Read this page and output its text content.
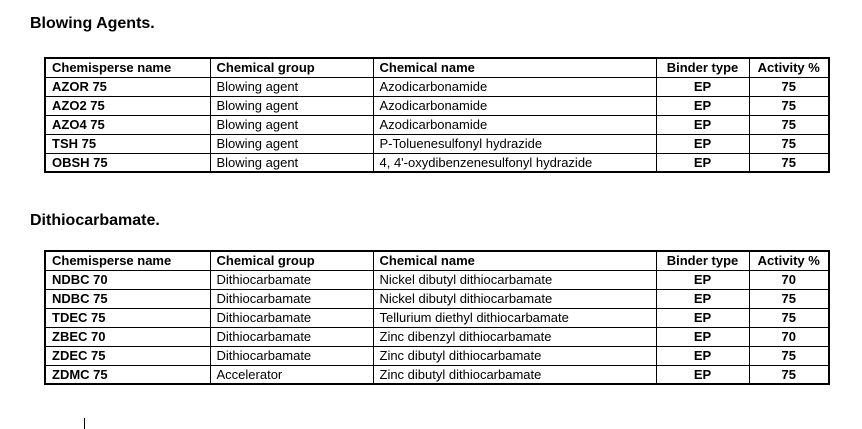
Blowing Agents.
Chemisperse name	Chemical group	Chemical name	Binder type	Activity %
AZOR 75	Blowing agent	Azodicarbonamide	EP	75
AZO2 75	Blowing agent	Azodicarbonamide	EP	75
AZO4 75	Blowing agent	Azodicarbonamide	EP	75
TSH 75	Blowing agent	P-Toluenesulfonyl hydrazide	EP	75
OBSH 75	Blowing agent	4, 4'-oxydibenzenesulfonyl hydrazide	EP	75
Dithiocarbamate.
Chemisperse name	Chemical group	Chemical name	Binder type	Activity %
NDBC 70	Dithiocarbamate	Nickel dibutyl dithiocarbamate	EP	70
NDBC 75	Dithiocarbamate	Nickel dibutyl dithiocarbamate	EP	75
TDEC 75	Dithiocarbamate	Tellurium diethyl dithiocarbamate	EP	75
ZBEC 70	Dithiocarbamate	Zinc dibenzyl dithiocarbamate	EP	70
ZDEC 75	Dithiocarbamate	Zinc dibutyl dithiocarbamate	EP	75
ZDMC 75	Accelerator	Zinc dibutyl dithiocarbamate	EP	75
